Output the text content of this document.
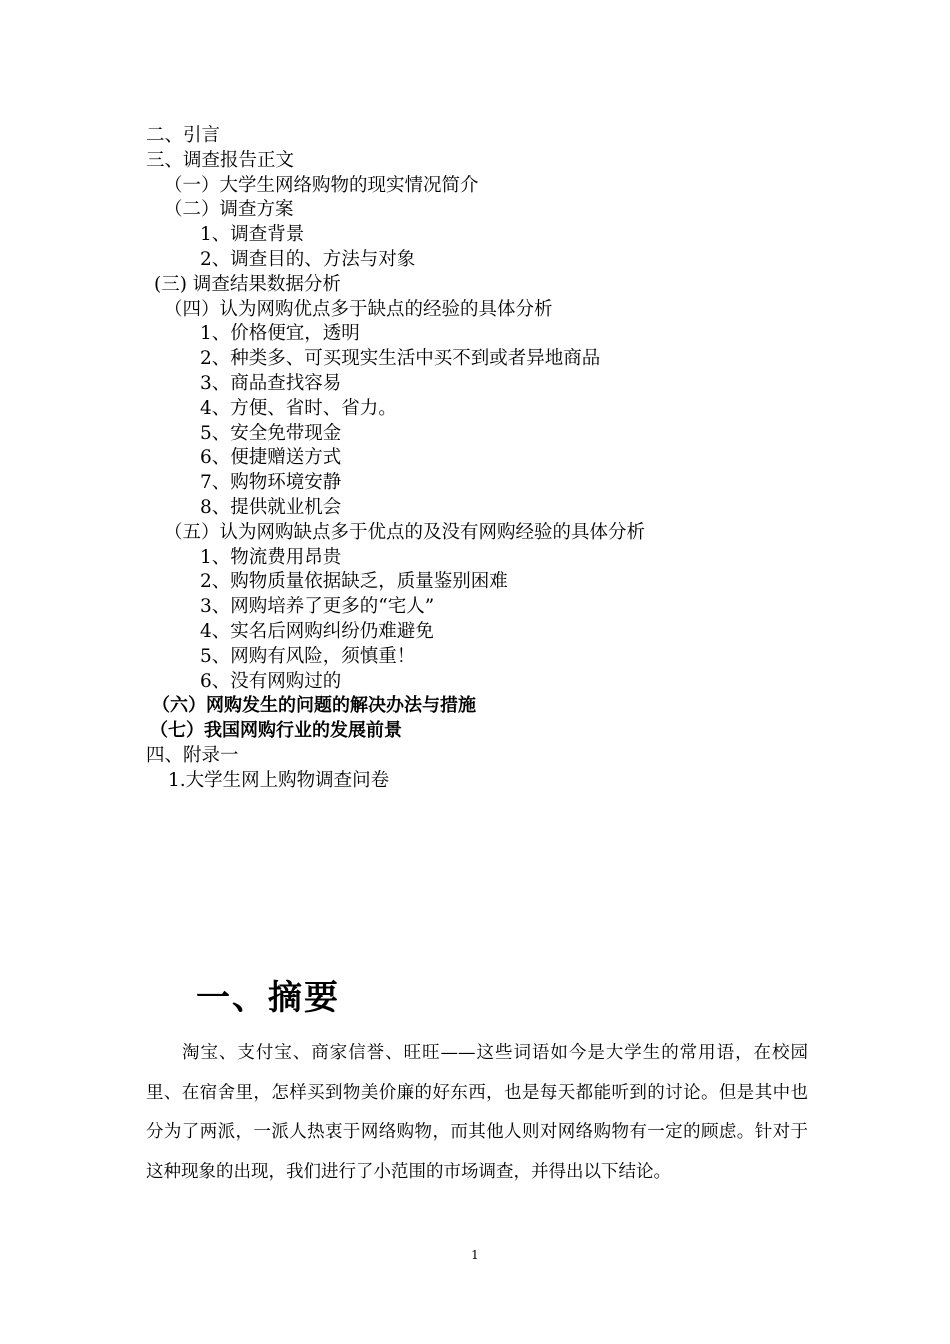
二、引言
三、调查报告正文
（一）大学生网络购物的现实情况简介
（二）调查方案
1、调查背景
2、调查目的、方法与对象
(三) 调查结果数据分析
（四）认为网购优点多于缺点的经验的具体分析
1、价格便宜，透明
2、种类多、可买现实生活中买不到或者异地商品
3、商品查找容易
4、方便、省时、省力。
5、安全免带现金
6、便捷赠送方式
7、购物环境安静
8、提供就业机会
（五）认为网购缺点多于优点的及没有网购经验的具体分析
1、物流费用昂贵
2、购物质量依据缺乏，质量鉴别困难
3、网购培养了更多的“宅人”
4、实名后网购纠纷仍难避免
5、网购有风险，须慎重！
6、没有网购过的
（六）网购发生的问题的解决办法与措施
（七）我国网购行业的发展前景
四、附录一
1.大学生网上购物调查问卷
一、摘要

淘宝、支付宝、商家信誉、旺旺——这些词语如今是大学生的常用语，在校园里、在宿舍里，怎样买到物美价廉的好东西，也是每天都能听到的讨论。但是其中也分为了两派，一派人热衷于网络购物，而其他人则对网络购物有一定的顾虑。针对于这种现象的出现，我们进行了小范围的市场调查，并得出以下结论。

1
